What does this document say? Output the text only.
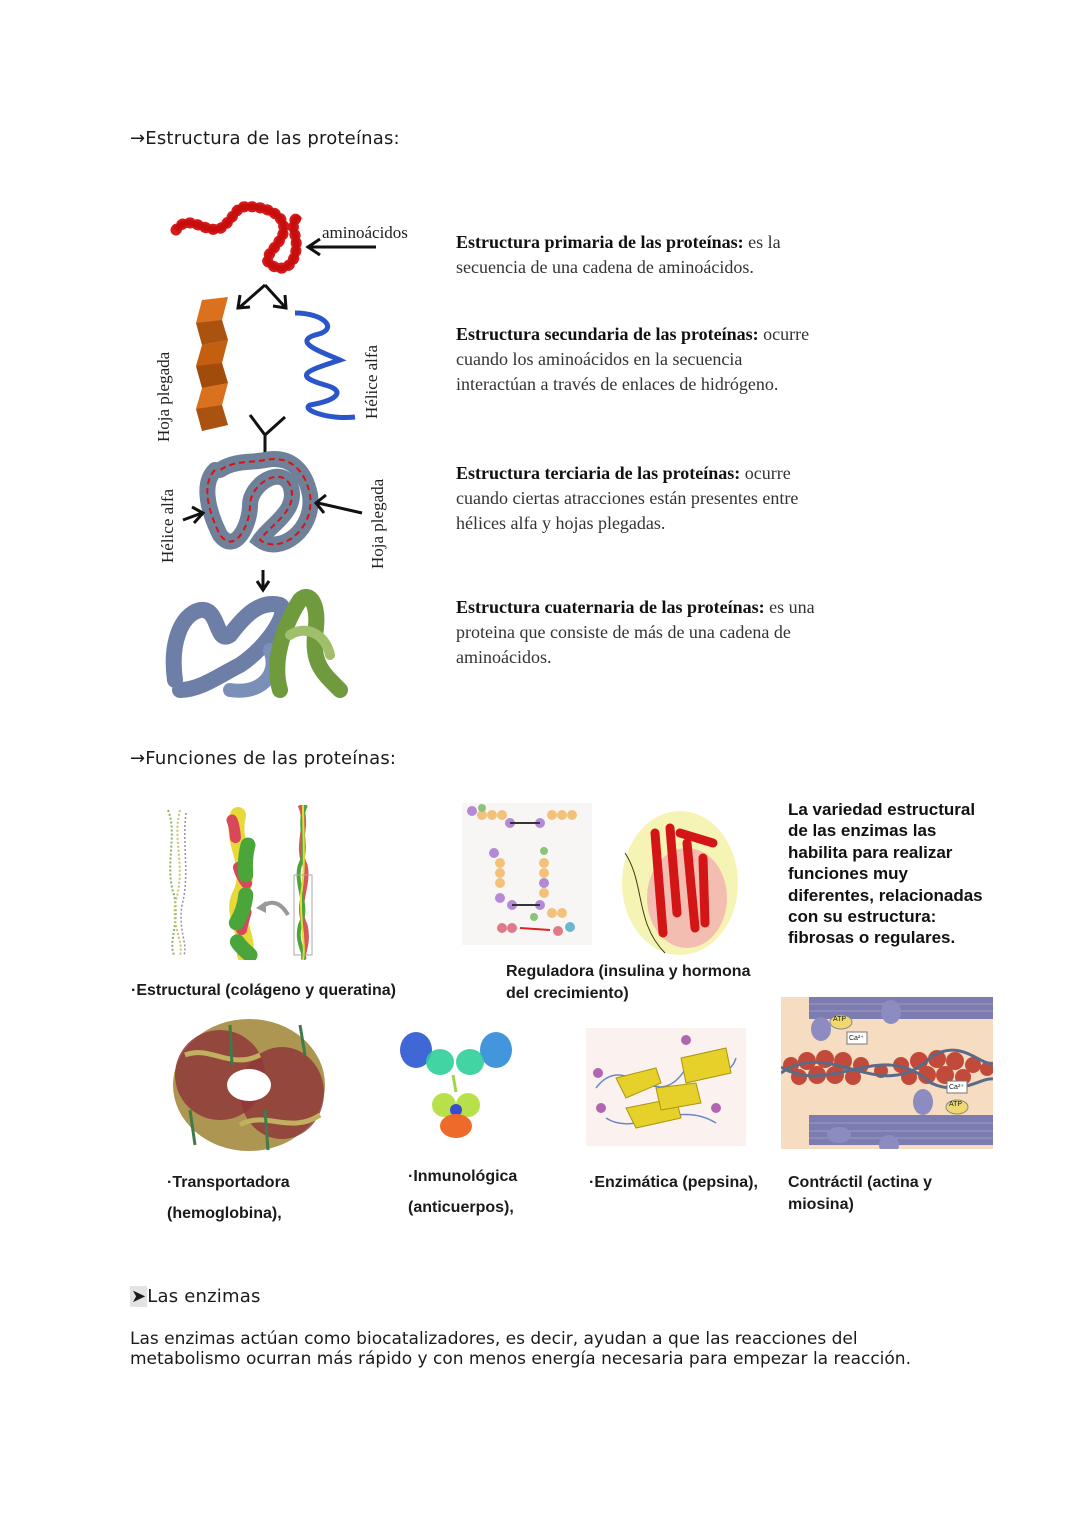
→Estructura de las proteínas:
aminoácidos
Hoja plegada	Hélice alfa
Hélice alfa	Hoja plegada
Estructura primaria de las proteínas: es la secuencia de una cadena de aminoácidos.
Estructura secundaria de las proteínas: ocurre cuando los aminoácidos en la secuencia interactúan a través de enlaces de hidrógeno.
Estructura terciaria de las proteínas: ocurre cuando ciertas atracciones están presentes entre hélices alfa y hojas plegadas.
Estructura cuaternaria de las proteínas: es una proteina que consiste de más de una cadena de aminoácidos.
→Funciones de las proteínas:
·Estructural (colágeno y queratina)
Reguladora (insulina y hormona del crecimiento)
La variedad estructural de las enzimas las habilita para realizar funciones muy diferentes, relacionadas con su estructura: fibrosas o regulares.
·Transportadora (hemoglobina),
·Inmunológica (anticuerpos),
·Enzimática (pepsina),
ATP
Ca²⁺
Ca²⁺
ATP
Contráctil (actina y miosina)
➤Las enzimas
Las enzimas actúan como biocatalizadores, es decir, ayudan a que las reacciones del metabolismo ocurran más rápido y con menos energía necesaria para empezar la reacción.
